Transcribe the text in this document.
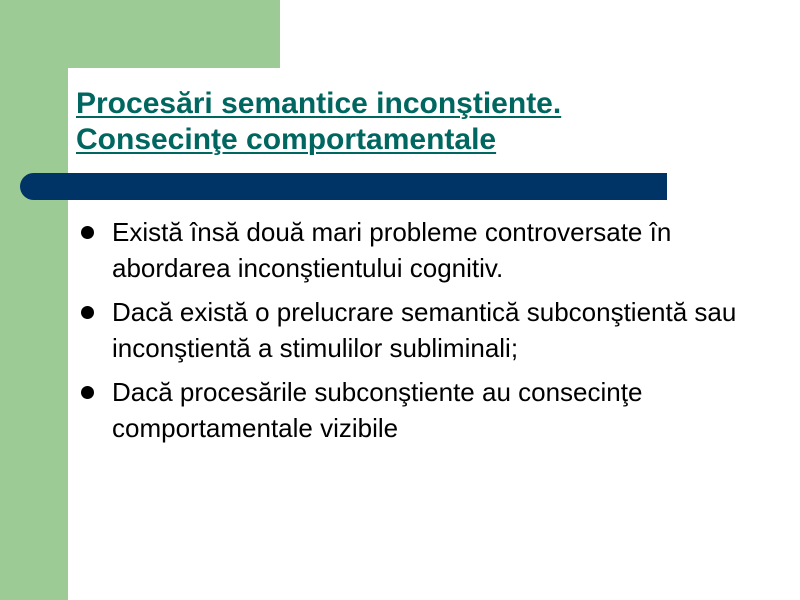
Procesări semantice inconştiente.
Consecinţe comportamentale
Există însă două mari probleme controversate în abordarea inconştientului cognitiv.
Dacă există o prelucrare semantică subconştientă sau inconştientă a stimulilor subliminali;
Dacă procesările subconştiente au consecinţe comportamentale vizibile
